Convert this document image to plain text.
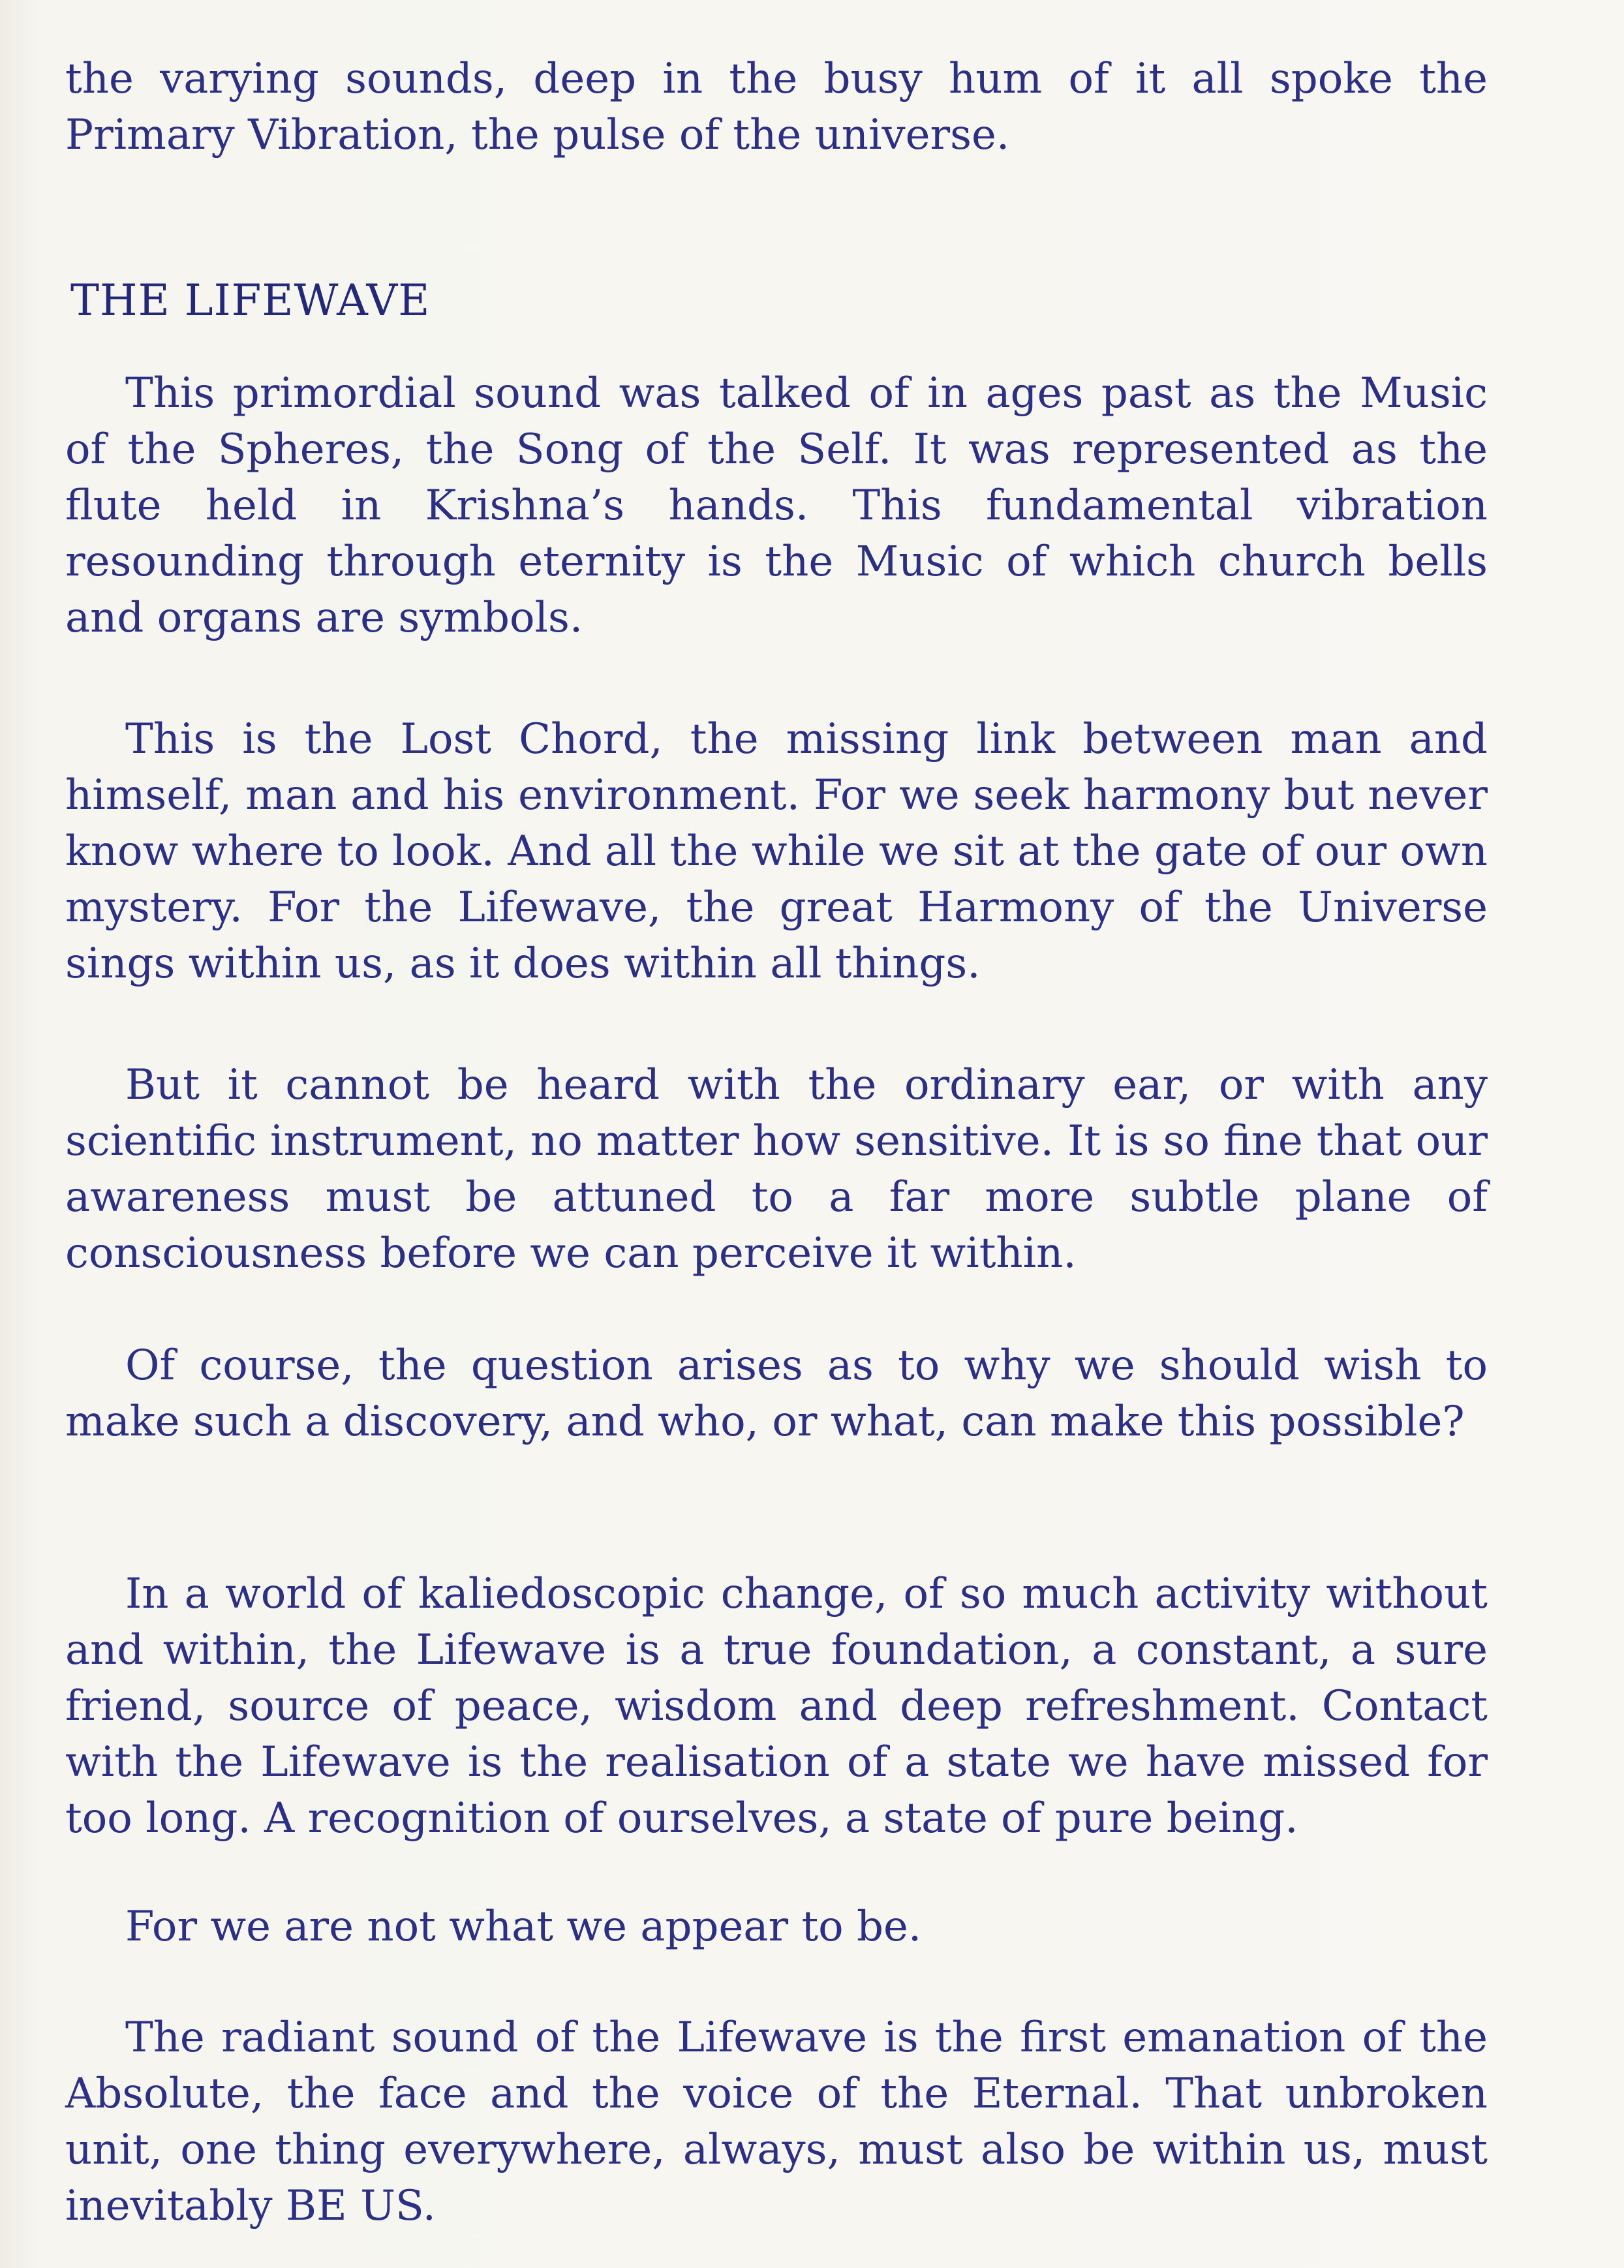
the varying sounds, deep in the busy hum of it all spoke the Primary Vibration, the pulse of the universe.

THE LIFEWAVE

This primordial sound was talked of in ages past as the Music of the Spheres, the Song of the Self. It was represented as the flute held in Krishna’s hands. This fundamental vibration resounding through eternity is the Music of which church bells and organs are symbols.

This is the Lost Chord, the missing link between man and himself, man and his environment. For we seek harmony but never know where to look. And all the while we sit at the gate of our own mystery. For the Lifewave, the great Harmony of the Universe sings within us, as it does within all things.

But it cannot be heard with the ordinary ear, or with any scientific instrument, no matter how sensitive. It is so fine that our awareness must be attuned to a far more subtle plane of consciousness before we can perceive it within.

Of course, the question arises as to why we should wish to make such a discovery, and who, or what, can make this possible?

In a world of kaliedoscopic change, of so much activity without and within, the Lifewave is a true foundation, a constant, a sure friend, source of peace, wisdom and deep refreshment. Contact with the Lifewave is the realisation of a state we have missed for too long. A recognition of ourselves, a state of pure being.

For we are not what we appear to be.

The radiant sound of the Lifewave is the first emanation of the Absolute, the face and the voice of the Eternal. That unbroken unit, one thing everywhere, always, must also be within us, must inevitably BE US.
